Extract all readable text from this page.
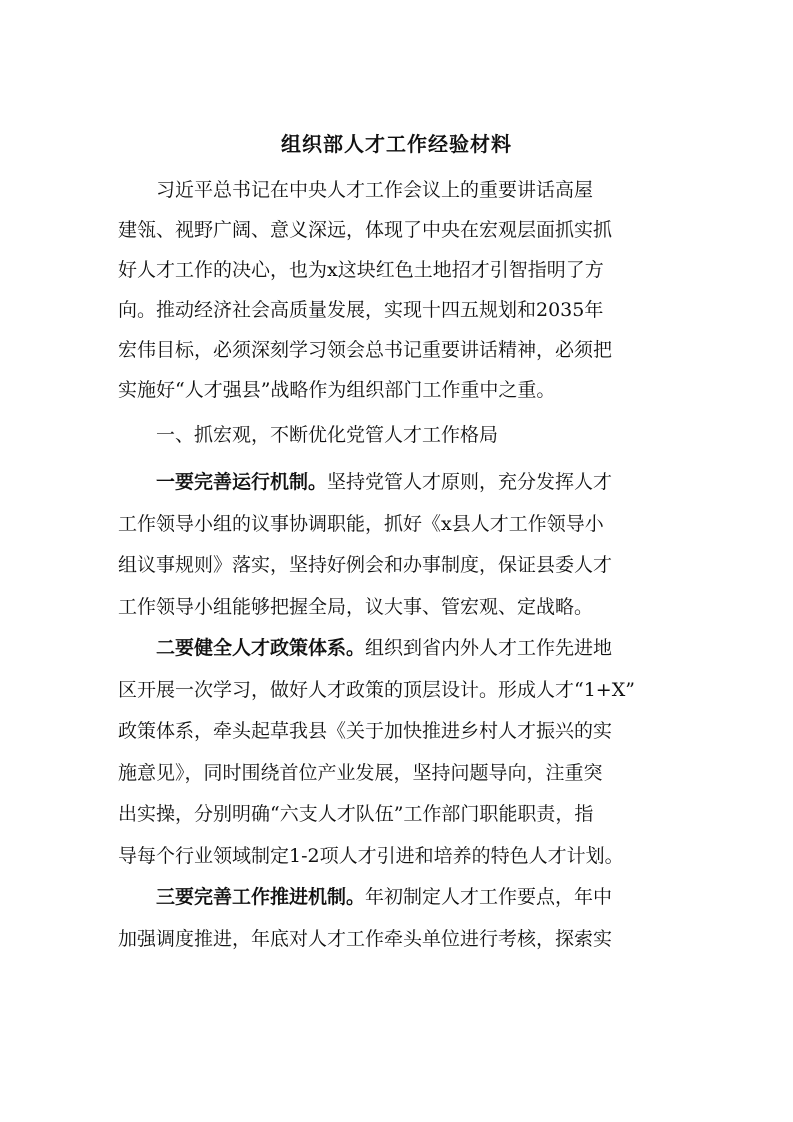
组织部人才工作经验材料
　　习近平总书记在中央人才工作会议上的重要讲话高屋
建瓴、视野广阔、意义深远，体现了中央在宏观层面抓实抓
好人才工作的决心，也为x这块红色土地招才引智指明了方
向。推动经济社会高质量发展，实现十四五规划和2035年
宏伟目标，必须深刻学习领会总书记重要讲话精神，必须把
实施好“人才强县”战略作为组织部门工作重中之重。
　　一、抓宏观，不断优化党管人才工作格局
　　一要完善运行机制。坚持党管人才原则，充分发挥人才
工作领导小组的议事协调职能，抓好《x县人才工作领导小
组议事规则》落实，坚持好例会和办事制度，保证县委人才
工作领导小组能够把握全局，议大事、管宏观、定战略。
　　二要健全人才政策体系。组织到省内外人才工作先进地
区开展一次学习，做好人才政策的顶层设计。形成人才“1+X”
政策体系，牵头起草我县《关于加快推进乡村人才振兴的实
施意见》，同时围绕首位产业发展，坚持问题导向，注重突
出实操，分别明确“六支人才队伍”工作部门职能职责，指
导每个行业领域制定1-2项人才引进和培养的特色人才计划。
　　三要完善工作推进机制。年初制定人才工作要点，年中
加强调度推进，年底对人才工作牵头单位进行考核，探索实
